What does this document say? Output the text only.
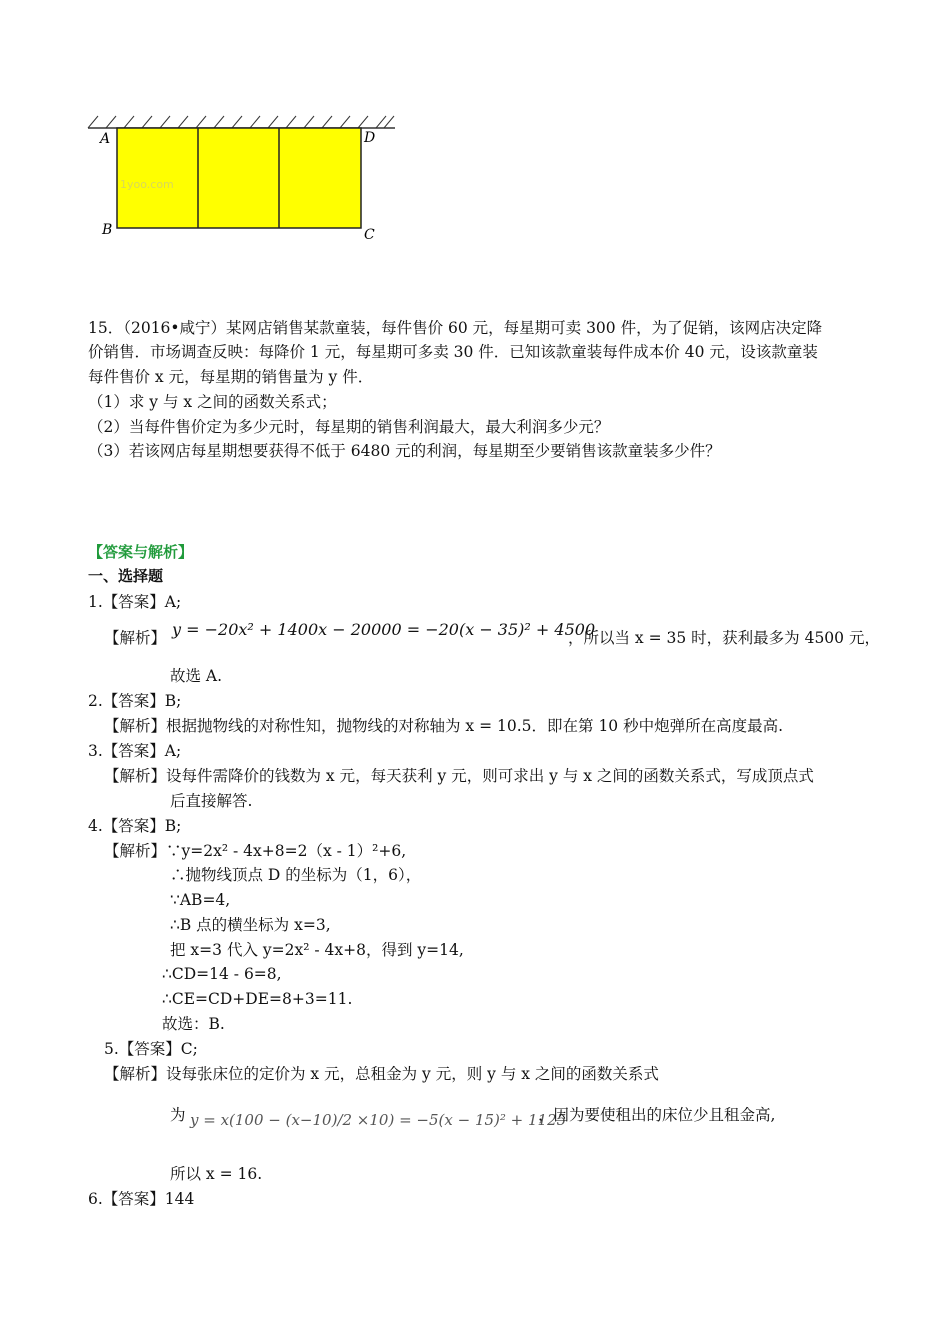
A
B	C
D
1yoo.com
15．（2016•咸宁）某网店销售某款童装，每件售价 60 元，每星期可卖 300 件，为了促销，该网店决定降
价销售．市场调查反映：每降价 1 元，每星期可多卖 30 件．已知该款童装每件成本价 40 元，设该款童装
每件售价 x 元，每星期的销售量为 y 件．
（1）求 y 与 x 之间的函数关系式；
（2）当每件售价定为多少元时，每星期的销售利润最大，最大利润多少元？
（3）若该网店每星期想要获得不低于 6480 元的利润，每星期至少要销售该款童装多少件？
【答案与解析】
一、选择题
1.【答案】A;
【解析】 y = −20x² + 1400x − 20000 = −20(x − 35)² + 4500
，所以当 x = 35 时，获利最多为 4500 元，
故选 A.
2.【答案】B;
【解析】根据抛物线的对称性知，抛物线的对称轴为 x = 10.5．即在第 10 秒中炮弹所在高度最高.
3.【答案】A;
【解析】设每件需降价的钱数为 x 元，每天获利 y 元，则可求出 y 与 x 之间的函数关系式，写成顶点式
后直接解答.
4.【答案】B;
【解析】∵y=2x² - 4x+8=2（x - 1）²+6,
∴抛物线顶点 D 的坐标为（1，6），
∵AB=4,
∴B 点的横坐标为 x=3,
把 x=3 代入 y=2x² - 4x+8，得到 y=14,
∴CD=14 - 6=8,
∴CE=CD+DE=8+3=11.
故选：B.
5.【答案】C;
【解析】设每张床位的定价为 x 元，总租金为 y 元，则 y 与 x 之间的函数关系式
为 y = x(100 − (x−10)/2 ×10) = −5(x − 15)² + 1125
，因为要使租出的床位少且租金高,
所以 x = 16.
6.【答案】144
